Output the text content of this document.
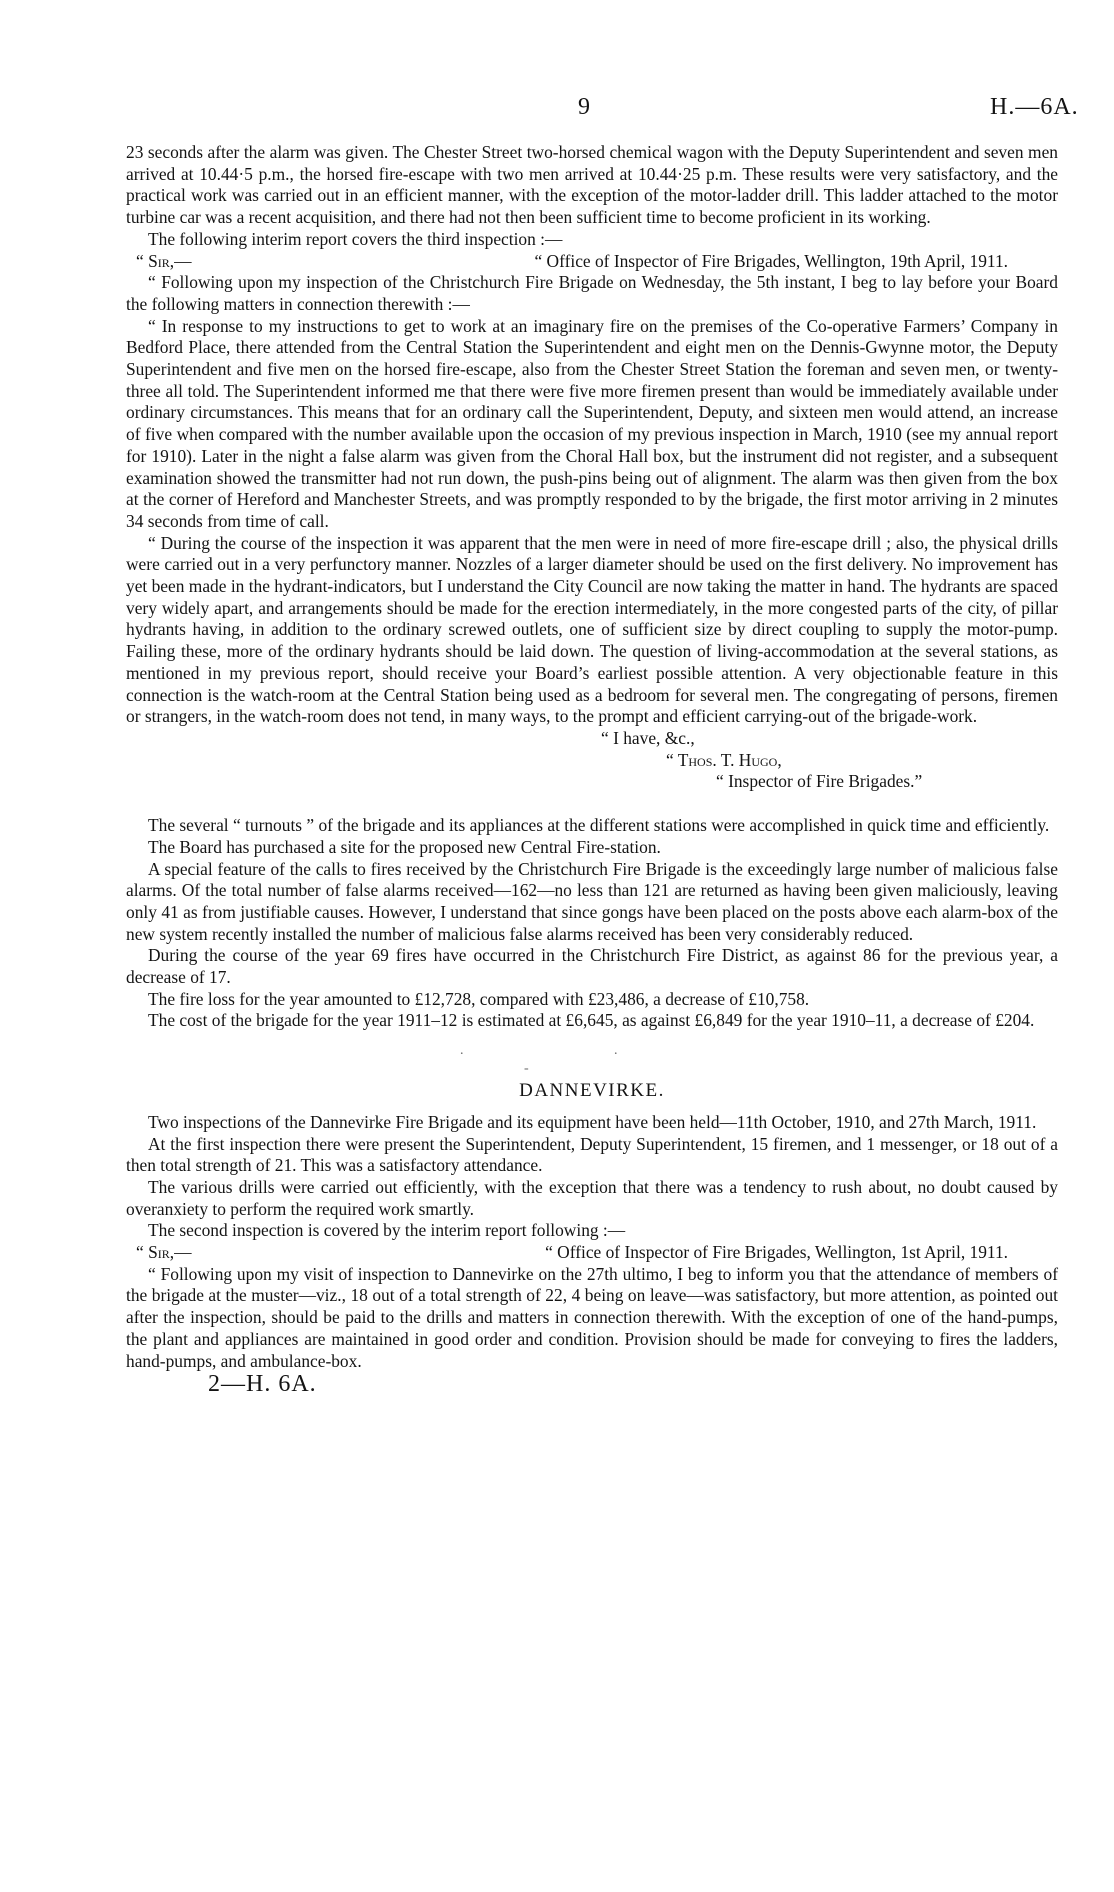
9	H.—6A.

23 seconds after the alarm was given. The Chester Street two-horsed chemical wagon with the Deputy Superintendent and seven men arrived at 10.44·5 p.m., the horsed fire-escape with two men arrived at 10.44·25 p.m. These results were very satisfactory, and the practical work was carried out in an efficient manner, with the exception of the motor-ladder drill. This ladder attached to the motor turbine car was a recent acquisition, and there had not then been sufficient time to become proficient in its working.

The following interim report covers the third inspection :—

“ Sir,—	“ Office of Inspector of Fire Brigades, Wellington, 19th April, 1911.

“ Following upon my inspection of the Christchurch Fire Brigade on Wednesday, the 5th instant, I beg to lay before your Board the following matters in connection therewith :—

“ In response to my instructions to get to work at an imaginary fire on the premises of the Co-operative Farmers’ Company in Bedford Place, there attended from the Central Station the Superintendent and eight men on the Dennis-Gwynne motor, the Deputy Superintendent and five men on the horsed fire-escape, also from the Chester Street Station the foreman and seven men, or twenty-three all told. The Superintendent informed me that there were five more firemen present than would be immediately available under ordinary circumstances. This means that for an ordinary call the Superintendent, Deputy, and sixteen men would attend, an increase of five when compared with the number available upon the occasion of my previous inspection in March, 1910 (see my annual report for 1910). Later in the night a false alarm was given from the Choral Hall box, but the instrument did not register, and a subsequent examination showed the transmitter had not run down, the push-pins being out of alignment. The alarm was then given from the box at the corner of Hereford and Manchester Streets, and was promptly responded to by the brigade, the first motor arriving in 2 minutes 34 seconds from time of call.

“ During the course of the inspection it was apparent that the men were in need of more fire-escape drill ; also, the physical drills were carried out in a very perfunctory manner. Nozzles of a larger diameter should be used on the first delivery. No improvement has yet been made in the hydrant-indicators, but I understand the City Council are now taking the matter in hand. The hydrants are spaced very widely apart, and arrangements should be made for the erection intermediately, in the more congested parts of the city, of pillar hydrants having, in addition to the ordinary screwed outlets, one of sufficient size by direct coupling to supply the motor-pump. Failing these, more of the ordinary hydrants should be laid down. The question of living-accommodation at the several stations, as mentioned in my previous report, should receive your Board’s earliest possible attention. A very objectionable feature in this connection is the watch-room at the Central Station being used as a bedroom for several men. The congregating of persons, firemen or strangers, in the watch-room does not tend, in many ways, to the prompt and efficient carrying-out of the brigade-work.

“ I have, &c.,
“ Thos. T. Hugo,
“ Inspector of Fire Brigades.”

The several “ turnouts ” of the brigade and its appliances at the different stations were accomplished in quick time and efficiently.

The Board has purchased a site for the proposed new Central Fire-station.

A special feature of the calls to fires received by the Christchurch Fire Brigade is the exceedingly large number of malicious false alarms. Of the total number of false alarms received—162—no less than 121 are returned as having been given maliciously, leaving only 41 as from justifiable causes. However, I understand that since gongs have been placed on the posts above each alarm-box of the new system recently installed the number of malicious false alarms received has been very considerably reduced.

During the course of the year 69 fires have occurred in the Christchurch Fire District, as against 86 for the previous year, a decrease of 17.

The fire loss for the year amounted to £12,728, compared with £23,486, a decrease of £10,758.

The cost of the brigade for the year 1911–12 is estimated at £6,645, as against £6,849 for the year 1910–11, a decrease of £204.

.
-
.
DANNEVIRKE.

Two inspections of the Dannevirke Fire Brigade and its equipment have been held—11th October, 1910, and 27th March, 1911.

At the first inspection there were present the Superintendent, Deputy Superintendent, 15 firemen, and 1 messenger, or 18 out of a then total strength of 21. This was a satisfactory attendance.

The various drills were carried out efficiently, with the exception that there was a tendency to rush about, no doubt caused by overanxiety to perform the required work smartly.

The second inspection is covered by the interim report following :—

“ Sir,—	“ Office of Inspector of Fire Brigades, Wellington, 1st April, 1911.

“ Following upon my visit of inspection to Dannevirke on the 27th ultimo, I beg to inform you that the attendance of members of the brigade at the muster—viz., 18 out of a total strength of 22, 4 being on leave—was satisfactory, but more attention, as pointed out after the inspection, should be paid to the drills and matters in connection therewith. With the exception of one of the hand-pumps, the plant and appliances are maintained in good order and condition. Provision should be made for conveying to fires the ladders, hand-pumps, and ambulance-box.

2—H. 6A.
